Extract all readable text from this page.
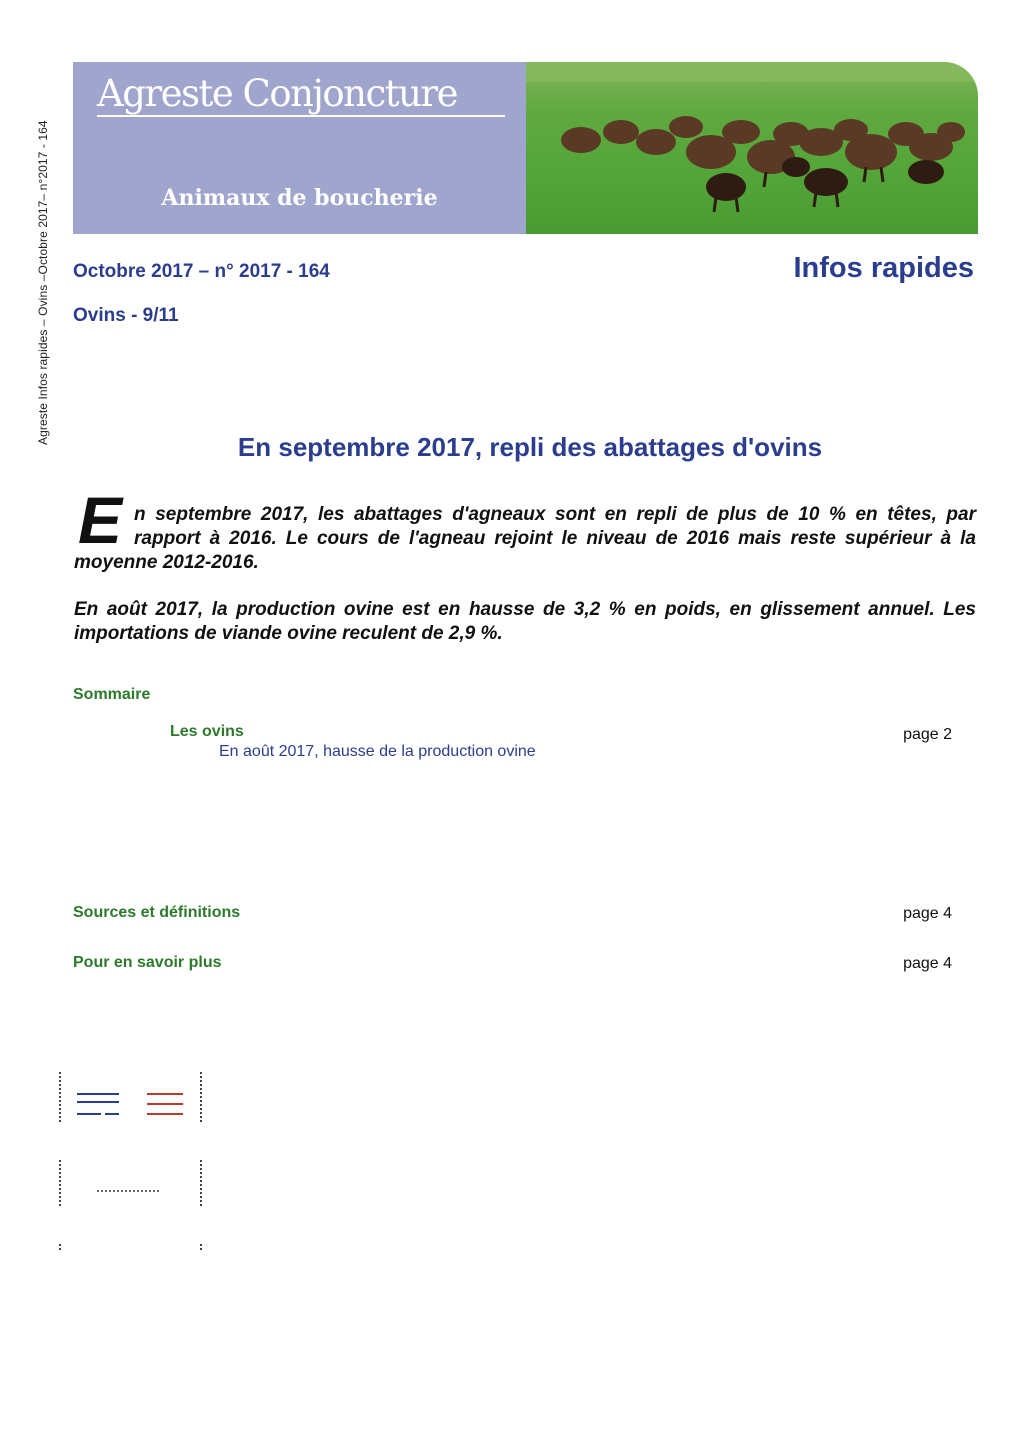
Agreste Infos rapides – Ovins –Octobre 2017– n°2017 - 164
Agreste Conjoncture
Animaux de boucherie
Octobre 2017 – n° 2017 - 164	Infos rapides
Ovins - 9/11
En septembre 2017, repli des abattages d'ovins
E n septembre 2017, les abattages d'agneaux sont en repli de plus de 10 % en têtes, par rapport à 2016. Le cours de l'agneau rejoint le niveau de 2016 mais reste supérieur à la moyenne 2012-2016.

En août 2017, la production ovine est en hausse de 3,2 % en poids, en glissement annuel. Les importations de viande ovine reculent de 2,9 %.

Sommaire
Les ovins	page 2
En août 2017, hausse de la production ovine
Sources et définitions	page 4
Pour en savoir plus	page 4
